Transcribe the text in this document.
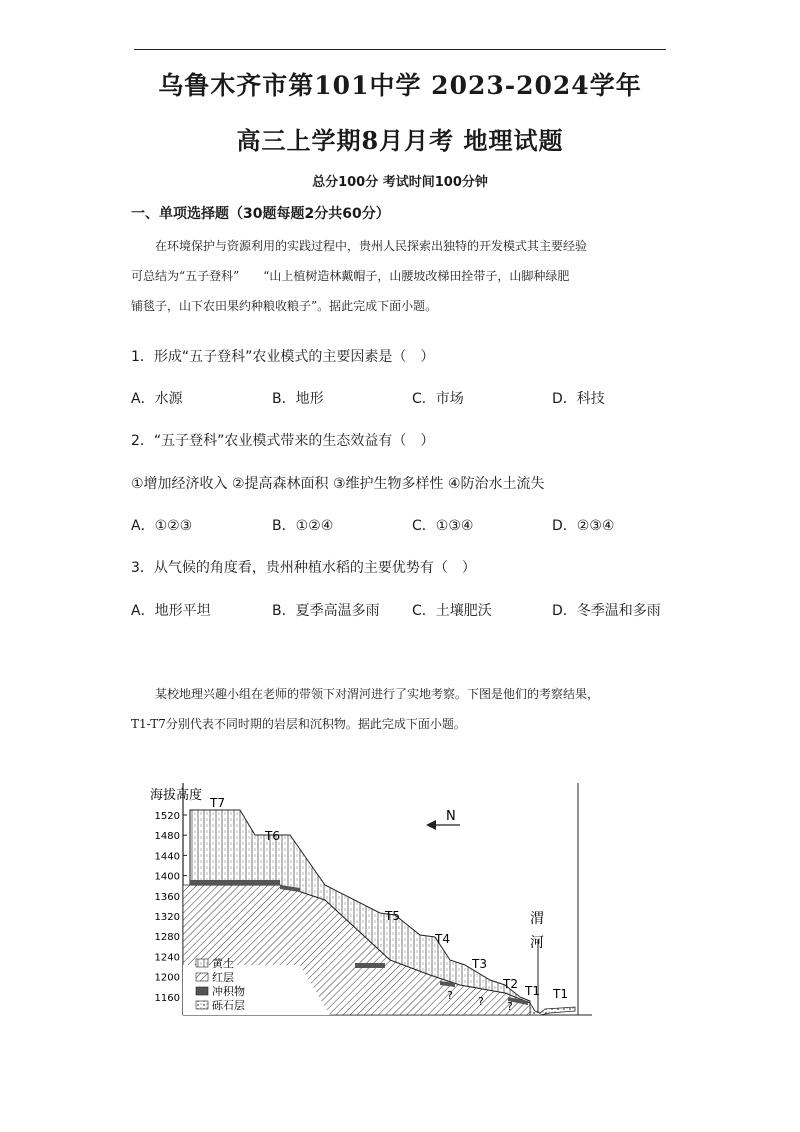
乌鲁木齐市第101中学 2023-2024学年
高三上学期8月月考 地理试题
总分100分 考试时间100分钟
一、单项选择题（30题每题2分共60分）
在环境保护与资源利用的实践过程中，贵州人民探索出独特的开发模式其主要经验
可总结为“五子登科”　　“山上植树造林戴帽子，山腰坡改梯田拴带子，山脚种绿肥
铺毯子，山下农田果约种粮收粮子”。据此完成下面小题。
1．形成“五子登科”农业模式的主要因素是（　）
A．水源	B．地形	C．市场	D．科技
2．“五子登科”农业模式带来的生态效益有（　）
①增加经济收入 ②提高森林面积 ③维护生物多样性 ④防治水土流失
A．①②③	B．①②④	C．①③④	D．②③④
3．从气候的角度看，贵州种植水稻的主要优势有（　）
A．地形平坦	B．夏季高温多雨 C．土壤肥沃	D．冬季温和多雨
某校地理兴趣小组在老师的带领下对渭河进行了实地考察。下图是他们的考察结果，
T1-T7分别代表不同时期的岩层和沉积物。据此完成下面小题。
海拔高度
1520
1480
1440
1400
1360
1320
1280
1240
1200
1160
T7
T6
T5
T4
T3
T2 T1 T1
? ? ?
渭
河
N
黄土
红层
冲积物
砾石层
